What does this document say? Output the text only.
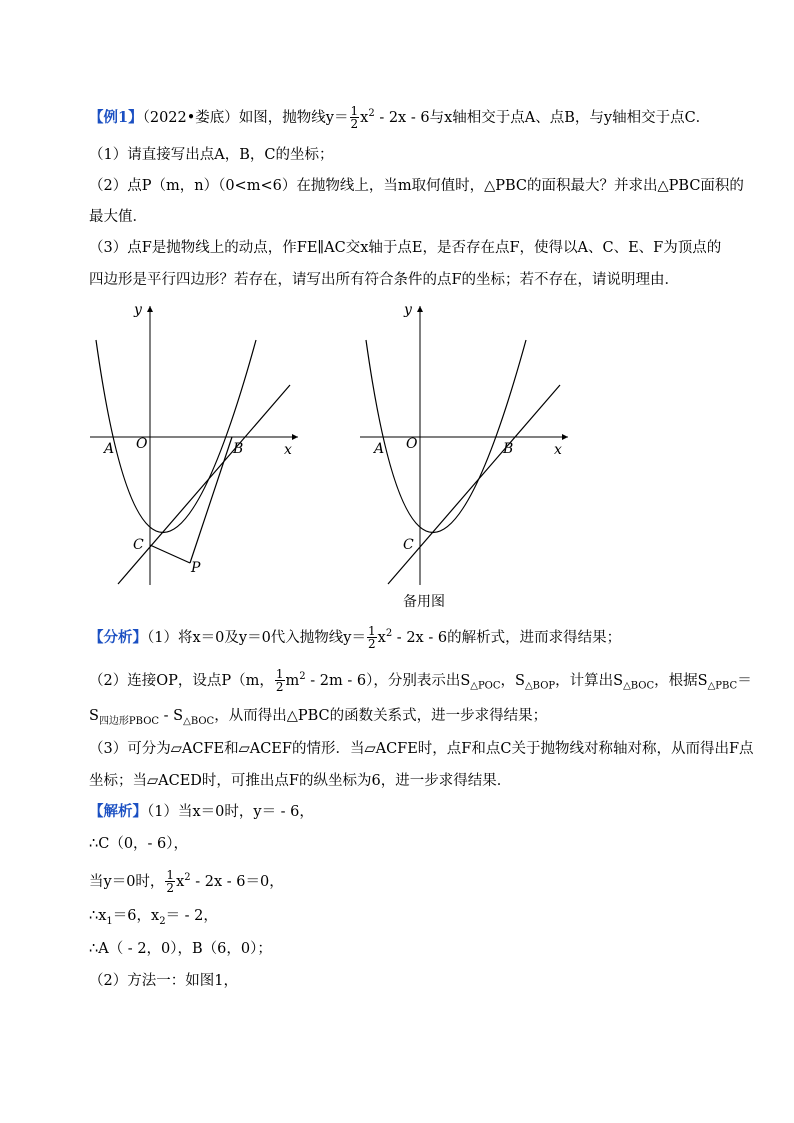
【例1】（2022•娄底）如图，抛物线$y= \frac{1}{2} x^2 - 2x - 6$与x轴相交于点A、点B，与y轴相交于点C．
（1）请直接写出点A，B，C的坐标；
（2）点P（m，n）（0<m<6）在抛物线上，当m取何值时，△PBC的面积最大？并求出△PBC面积的
最大值．
（3）点F是抛物线上的动点，作FE∥AC交x轴于点E，是否存在点F，使得以A、C、E、F为顶点的
四边形是平行四边形？若存在，请写出所有符合条件的点F的坐标；若不存在，请说明理由．
y
A O	B	x
C
P
y
A O	B	x
C
备用图
【分析】（1）将x＝0及y＝0代入抛物线$y= \frac{1}{2} x^2 - 2x - 6$的解析式，进而求得结果；
（2）连接OP，设点P（m， $\frac{1}{2} m^2 - 2m - 6$），分别表示出$S_{\triangle POC}$，$S_{\triangle BOP}$，计算出$S_{\triangle BOC}$，根据$S_{\triangle PBC}=$
$S_{四边形PBOC} - S_{\triangle BOC}$，从而得出△PBC的函数关系式，进一步求得结果；
（3）可分为▱ACFE和▱ACEF的情形．当▱ACFE时，点F和点C关于抛物线对称轴对称，从而得出F点
坐标；当▱ACED时，可推出点F的纵坐标为6，进一步求得结果．
【解析】（1）当x＝0时，y＝ - 6，
∴C（0，- 6），
当y＝0时， $\frac{1}{2} x^2 - 2x - 6=0$，
$\therefore x_1=6$，$x_2= - 2$，
∴A（ - 2，0），B（6，0）；
（2）方法一：如图1，
